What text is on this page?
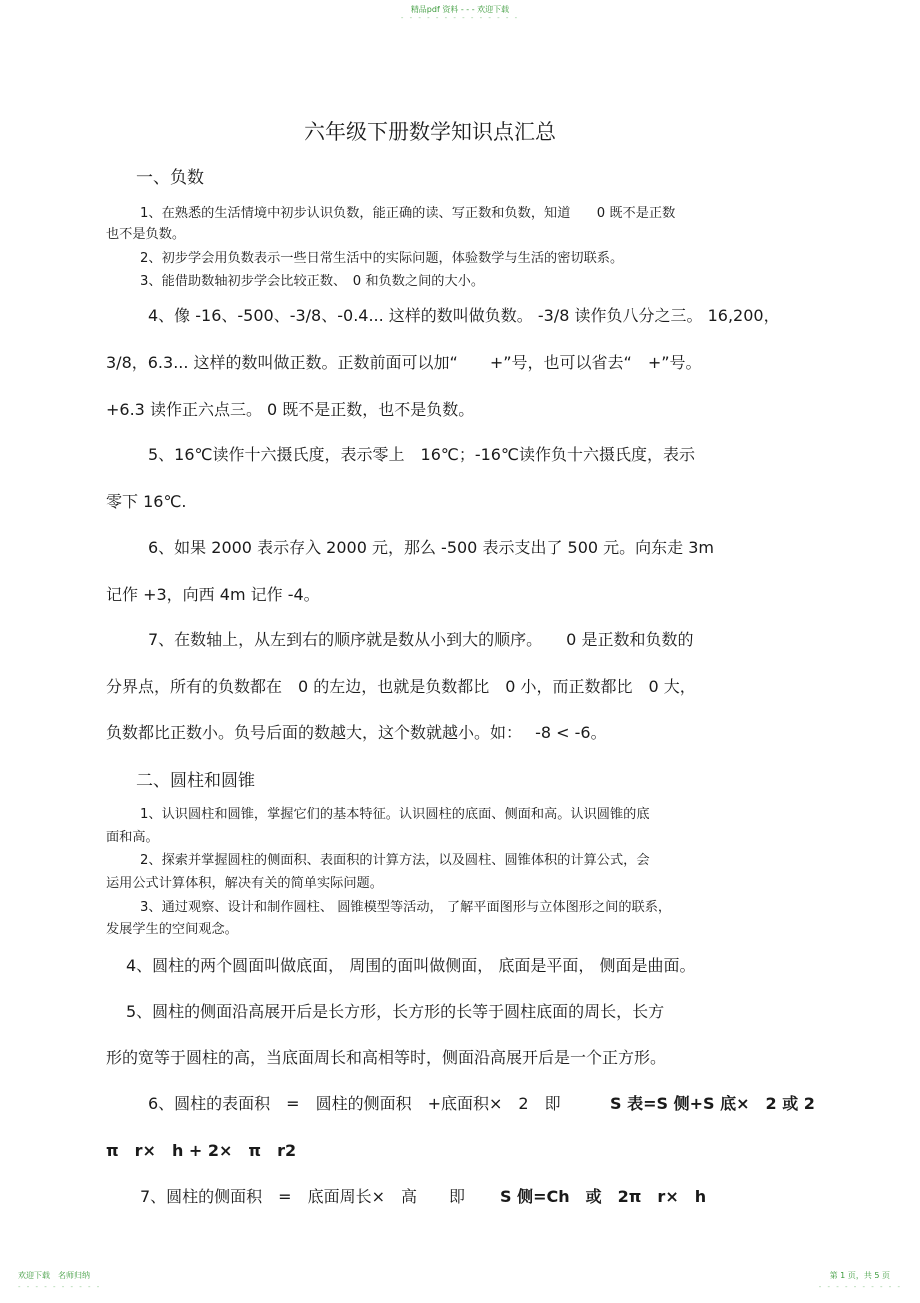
精品pdf 资料 - - - 欢迎下载
- - - - - - - - - - - - - -
六年级下册数学知识点汇总
一、负数
1、在熟悉的生活情境中初步认识负数，能正确的读、写正数和负数，知道　　0 既不是正数
也不是负数。
2、初步学会用负数表示一些日常生活中的实际问题，体验数学与生活的密切联系。
3、能借助数轴初步学会比较正数、　0 和负数之间的大小。
4、像 -16、-500、-3/8、-0.4... 这样的数叫做负数。 -3/8 读作负八分之三。 16,200，
3/8，6.3... 这样的数叫做正数。正数前面可以加“　　+”号，也可以省去“　+”号。
+6.3 读作正六点三。 0 既不是正数，也不是负数。
5、16℃读作十六摄氏度，表示零上　16℃；-16℃读作负十六摄氏度，表示
零下 16℃.
6、如果 2000 表示存入 2000 元，那么 -500 表示支出了 500 元。向东走 3m
记作 +3，向西 4m 记作 -4。
7、在数轴上，从左到右的顺序就是数从小到大的顺序。　　0 是正数和负数的
分界点，所有的负数都在　0 的左边，也就是负数都比　0 小，而正数都比　0 大，
负数都比正数小。负号后面的数越大，这个数就越小。如：　 -8 < -6。
二、圆柱和圆锥
1、认识圆柱和圆锥，掌握它们的基本特征。认识圆柱的底面、侧面和高。认识圆锥的底
面和高。
2、探索并掌握圆柱的侧面积、表面积的计算方法，以及圆柱、圆锥体积的计算公式，会
运用公式计算体积，解决有关的简单实际问题。
3、通过观察、设计和制作圆柱、 圆锥模型等活动， 了解平面图形与立体图形之间的联系，
发展学生的空间观念。
4、圆柱的两个圆面叫做底面， 周围的面叫做侧面， 底面是平面， 侧面是曲面。
5、圆柱的侧面沿高展开后是长方形，长方形的长等于圆柱底面的周长，长方
形的宽等于圆柱的高，当底面周长和高相等时，侧面沿高展开后是一个正方形。
6、圆柱的表面积　=　圆柱的侧面积　+底面积×　2　即	S 表=S 侧+S 底×　2 或 2
π　r×　h + 2×　π　r2
7、圆柱的侧面积　=　底面周长×　高　　即 S 侧=Ch　或　2π　r×　h
欢迎下载　名师归纳
- - - - - - - - - -
第 1 页，共 5 页
- - - - - - - - - -
